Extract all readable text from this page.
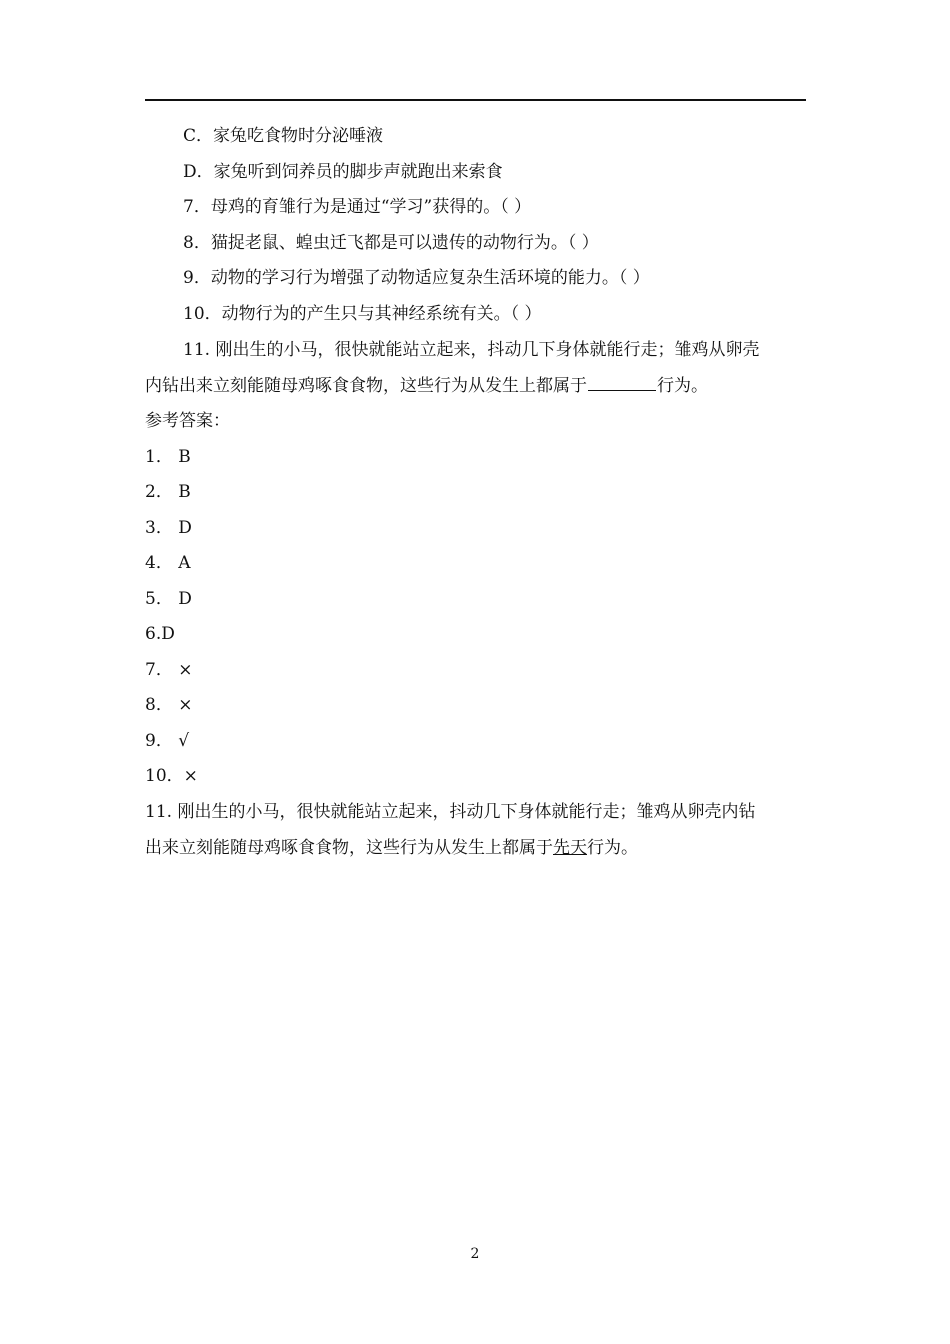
C．家兔吃食物时分泌唾液
D．家兔听到饲养员的脚步声就跑出来索食
7．母鸡的育雏行为是通过“学习”获得的。（ ）
8．猫捉老鼠、蝗虫迁飞都是可以遗传的动物行为。（ ）
9．动物的学习行为增强了动物适应复杂生活环境的能力。（ ）
10．动物行为的产生只与其神经系统有关。（ ）
11. 刚出生的小马，很快就能站立起来，抖动几下身体就能行走；雏鸡从卵壳
内钻出来立刻能随母鸡啄食食物，这些行为从发生上都属于	行为。
参考答案：
1． B
2． B
3． D
4． A
5． D
6.D
7． ×
8． ×
9． √
10．×
11. 刚出生的小马，很快就能站立起来，抖动几下身体就能行走；雏鸡从卵壳内钻
出来立刻能随母鸡啄食食物，这些行为从发生上都属于先天行为。
2
